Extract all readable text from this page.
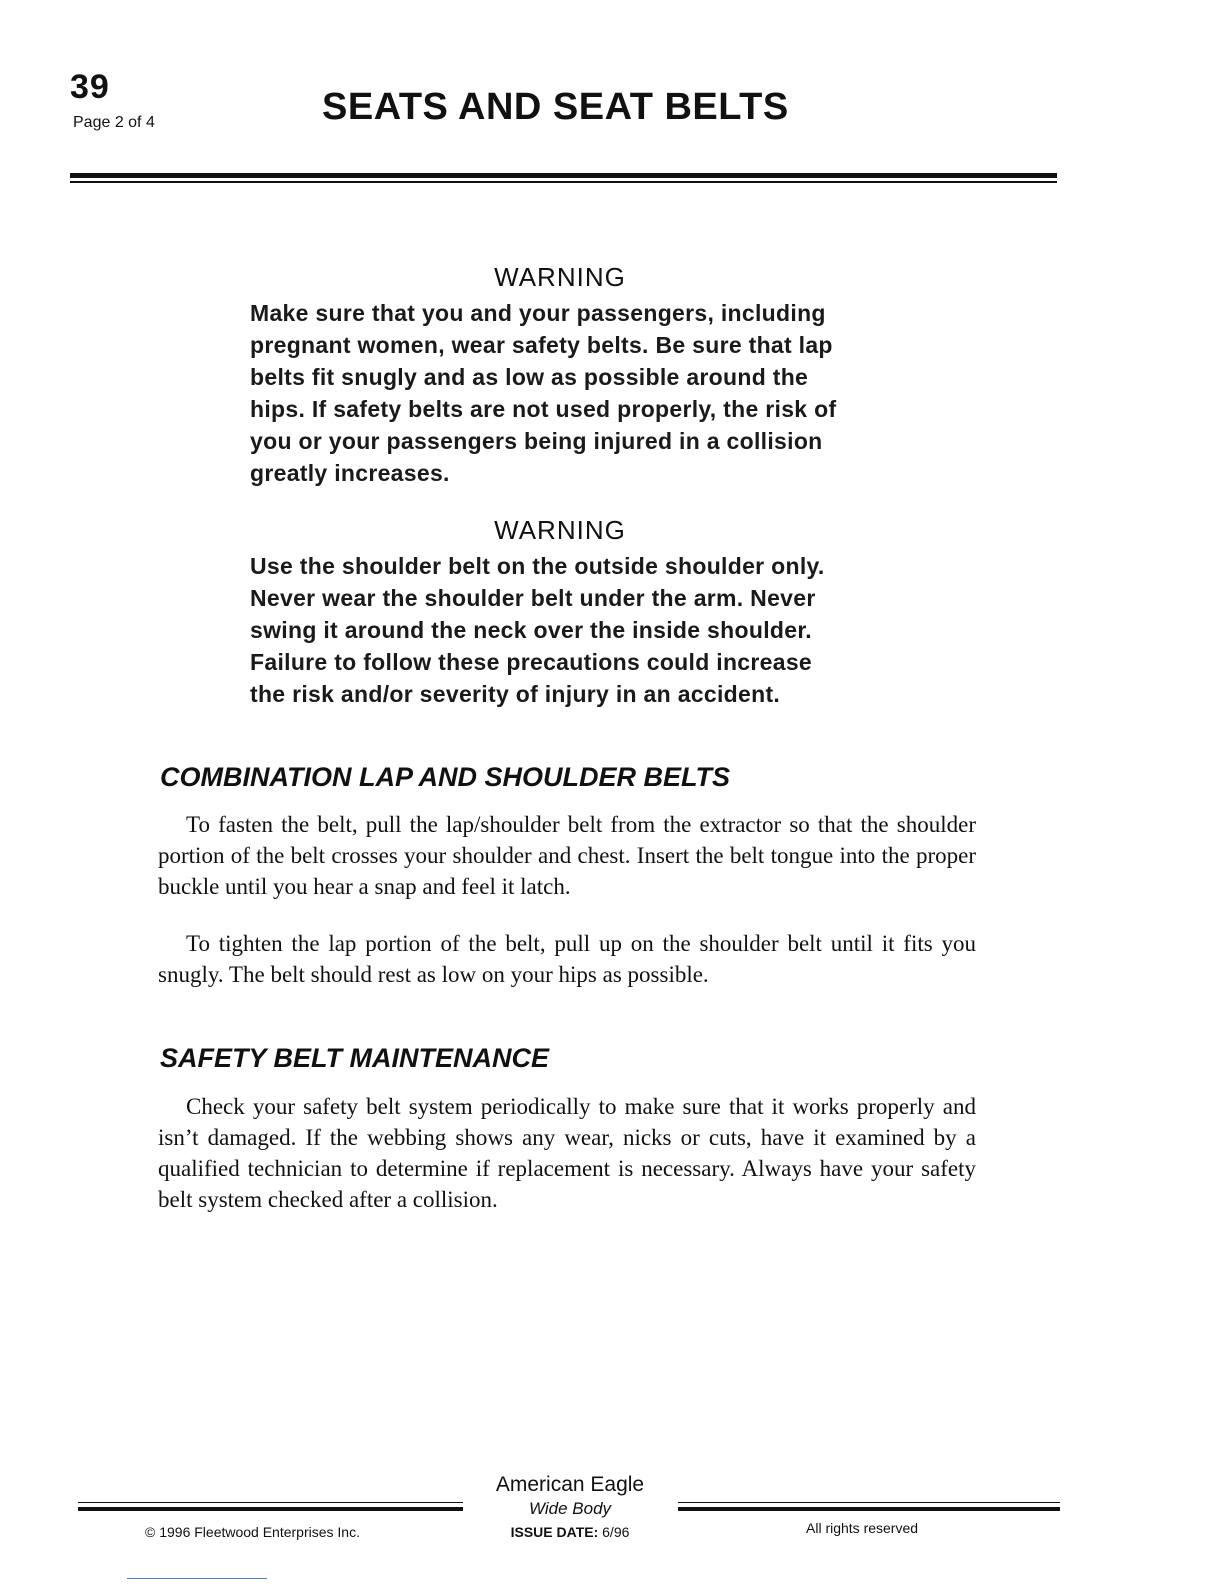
39
Page 2 of 4	SEATS AND SEAT BELTS
WARNING
Make sure that you and your passengers, including
pregnant women, wear safety belts. Be sure that lap
belts fit snugly and as low as possible around the
hips. If safety belts are not used properly, the risk of
you or your passengers being injured in a collision
greatly increases.
WARNING
Use the shoulder belt on the outside shoulder only.
Never wear the shoulder belt under the arm. Never
swing it around the neck over the inside shoulder.
Failure to follow these precautions could increase
the risk and/or severity of injury in an accident.
COMBINATION LAP AND SHOULDER BELTS
To fasten the belt, pull the lap/shoulder belt from the extractor so that the shoulder portion of the belt crosses your shoulder and chest. Insert the belt tongue into the proper buckle until you hear a snap and feel it latch.
To tighten the lap portion of the belt, pull up on the shoulder belt until it fits you snugly. The belt should rest as low on your hips as possible.
SAFETY BELT MAINTENANCE
Check your safety belt system periodically to make sure that it works properly and isn’t damaged. If the webbing shows any wear, nicks or cuts, have it examined by a qualified technician to determine if replacement is necessary. Always have your safety belt system checked after a collision.
American Eagle
Wide Body
ISSUE DATE: 6/96
© 1996 Fleetwood Enterprises Inc.	All rights reserved
